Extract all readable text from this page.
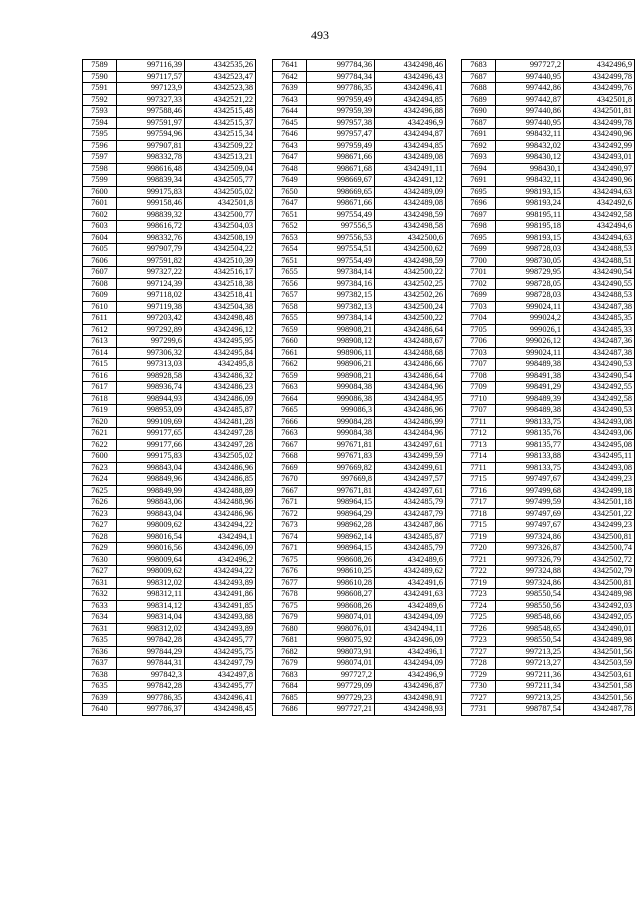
493
7589	997116,39	4342535,26
7590	997117,57	4342523,47
7591	997123,9	4342523,38
7592	997327,33	4342521,22
7593	997588,46	4342515,48
7594	997591,97	4342515,37
7595	997594,96	4342515,34
7596	997907,81	4342509,22
7597	998332,78	4342513,21
7598	998616,48	4342509,04
7599	998839,34	4342505,77
7600	999175,83	4342505,02
7601	999158,46	4342501,8
7602	998839,32	4342500,77
7603	998616,72	4342504,03
7604	998332,76	4342508,19
7605	997907,79	4342504,22
7606	997591,82	4342510,39
7607	997327,22	4342516,17
7608	997124,39	4342518,38
7609	997118,02	4342518,41
7610	997119,38	4342504,38
7611	997203,42	4342498,48
7612	997292,89	4342496,12
7613	997299,6	4342495,95
7614	997306,32	4342495,84
7615	997313,03	4342495,8
7616	998928,58	4342486,32
7617	998936,74	4342486,23
7618	998944,93	4342486,09
7619	998953,09	4342485,87
7620	999109,69	4342481,28
7621	999177,65	4342497,28
7622	999177,66	4342497,28
7600	999175,83	4342505,02
7623	998843,04	4342486,96
7624	998849,96	4342486,85
7625	998849,99	4342488,89
7626	998843,06	4342488,96
7623	998843,04	4342486,96
7627	998009,62	4342494,22
7628	998016,54	4342494,1
7629	998016,56	4342496,09
7630	998009,64	4342496,2
7627	998009,62	4342494,22
7631	998312,02	4342493,89
7632	998312,11	4342491,86
7633	998314,12	4342491,85
7634	998314,04	4342493,88
7631	998312,02	4342493,89
7635	997842,28	4342495,77
7636	997844,29	4342495,75
7637	997844,31	4342497,79
7638	997842,3	4342497,8
7635	997842,28	4342495,77
7639	997786,35	4342496,41
7640	997786,37	4342498,45
7641	997784,36	4342498,46
7642	997784,34	4342496,43
7639	997786,35	4342496,41
7643	997959,49	4342494,85
7644	997959,39	4342496,88
7645	997957,38	4342496,9
7646	997957,47	4342494,87
7643	997959,49	4342494,85
7647	998671,66	4342489,08
7648	998671,68	4342491,11
7649	998669,67	4342491,12
7650	998669,65	4342489,09
7647	998671,66	4342489,08
7651	997554,49	4342498,59
7652	997556,5	4342498,58
7653	997556,53	4342500,6
7654	997554,51	4342500,62
7651	997554,49	4342498,59
7655	997384,14	4342500,22
7656	997384,16	4342502,25
7657	997382,15	4342502,26
7658	997382,13	4342500,24
7655	997384,14	4342500,22
7659	998908,21	4342486,64
7660	998908,12	4342488,67
7661	998906,11	4342488,68
7662	998906,21	4342486,66
7659	998908,21	4342486,64
7663	999084,38	4342484,96
7664	999086,38	4342484,95
7665	999086,3	4342486,96
7666	999084,28	4342486,99
7663	999084,38	4342484,96
7667	997671,81	4342497,61
7668	997671,83	4342499,59
7669	997669,82	4342499,61
7670	997669,8	4342497,57
7667	997671,81	4342497,61
7671	998964,15	4342485,79
7672	998964,29	4342487,79
7673	998962,28	4342487,86
7674	998962,14	4342485,87
7671	998964,15	4342485,79
7675	998608,26	4342489,6
7676	998610,25	4342489,62
7677	998610,28	4342491,6
7678	998608,27	4342491,63
7675	998608,26	4342489,6
7679	998074,01	4342494,09
7680	998076,01	4342494,11
7681	998075,92	4342496,09
7682	998073,91	4342496,1
7679	998074,01	4342494,09
7683	997727,2	4342496,9
7684	997729,09	4342496,87
7685	997729,23	4342498,91
7686	997727,21	4342498,93
7683	997727,2	4342496,9
7687	997440,95	4342499,78
7688	997442,86	4342499,76
7689	997442,87	4342501,8
7690	997440,86	4342501,81
7687	997440,95	4342499,78
7691	998432,11	4342490,96
7692	998432,02	4342492,99
7693	998430,12	4342493,01
7694	998430,1	4342490,97
7691	998432,11	4342490,96
7695	998193,15	4342494,63
7696	998193,24	4342492,6
7697	998195,11	4342492,58
7698	998195,18	4342494,6
7695	998193,15	4342494,63
7699	998728,03	4342488,53
7700	998730,05	4342488,51
7701	998729,95	4342490,54
7702	998728,05	4342490,55
7699	998728,03	4342488,53
7703	999024,11	4342487,38
7704	999024,2	4342485,35
7705	999026,1	4342485,33
7706	999026,12	4342487,36
7703	999024,11	4342487,38
7707	998489,38	4342490,53
7708	998491,38	4342490,54
7709	998491,29	4342492,55
7710	998489,39	4342492,58
7707	998489,38	4342490,53
7711	998133,75	4342493,08
7712	998135,76	4342493,06
7713	998135,77	4342495,08
7714	998133,88	4342495,11
7711	998133,75	4342493,08
7715	997497,67	4342499,23
7716	997499,68	4342499,18
7717	997499,59	4342501,18
7718	997497,69	4342501,22
7715	997497,67	4342499,23
7719	997324,86	4342500,81
7720	997326,87	4342500,74
7721	997326,79	4342502,72
7722	997324,88	4342502,79
7719	997324,86	4342500,81
7723	998550,54	4342489,98
7724	998550,56	4342492,03
7725	998548,66	4342492,05
7726	998548,65	4342490,01
7723	998550,54	4342489,98
7727	997213,25	4342501,56
7728	997213,27	4342503,59
7729	997211,36	4342503,61
7730	997211,34	4342501,58
7727	997213,25	4342501,56
7731	998787,54	4342487,78
